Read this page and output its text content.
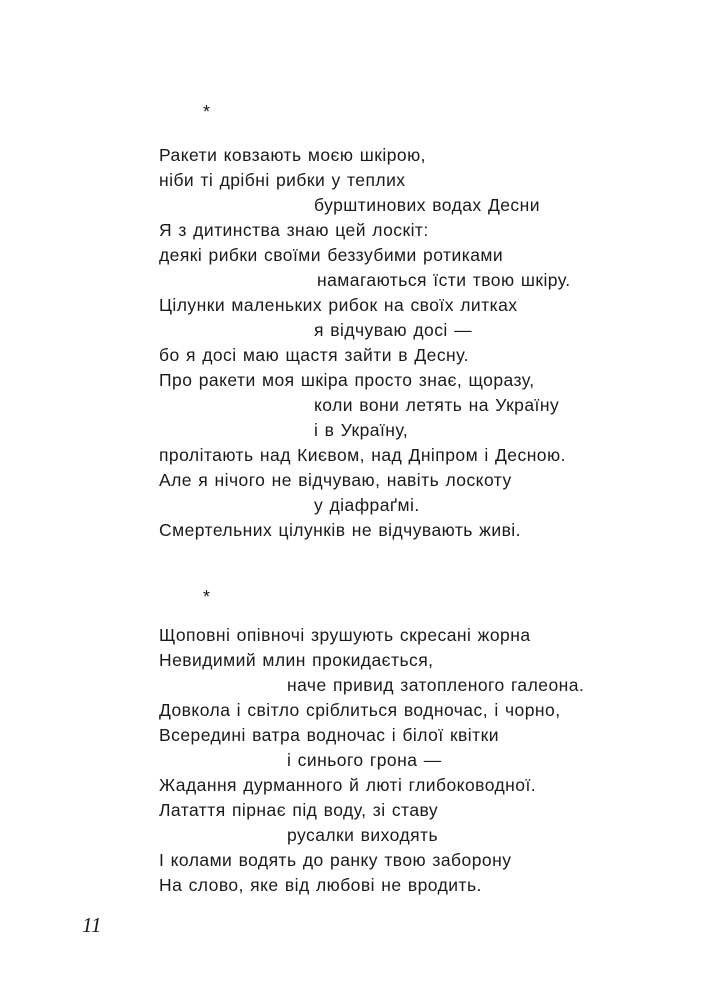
*
Ракети ковзають моєю шкірою,
ніби ті дрібні рибки у теплих
бурштинових водах Десни
Я з дитинства знаю цей лоскіт:
деякі рибки своїми беззубими ротиками
намагаються їсти твою шкіру.
Цілунки маленьких рибок на своїх литках
я відчуваю досі —
бо я досі маю щастя зайти в Десну.
Про ракети моя шкіра просто знає, щоразу,
коли вони летять на Україну
і в Україну,
пролітають над Києвом, над Дніпром і Десною.
Але я нічого не відчуваю, навіть лоскоту
у діафраґмі.
Смертельних цілунків не відчувають живі.
*
Щоповні опівночі зрушують скресані жорна
Невидимий млин прокидається,
наче привид затопленого галеона.
Довкола і світло сріблиться водночас, і чорно,
Всередині ватра водночас і білої квітки
і синього грона —
Жадання дурманного й люті глибоководної.
Латаття пірнає під воду, зі ставу
русалки виходять
І колами водять до ранку твою заборону
На слово, яке від любові не вродить.
11
